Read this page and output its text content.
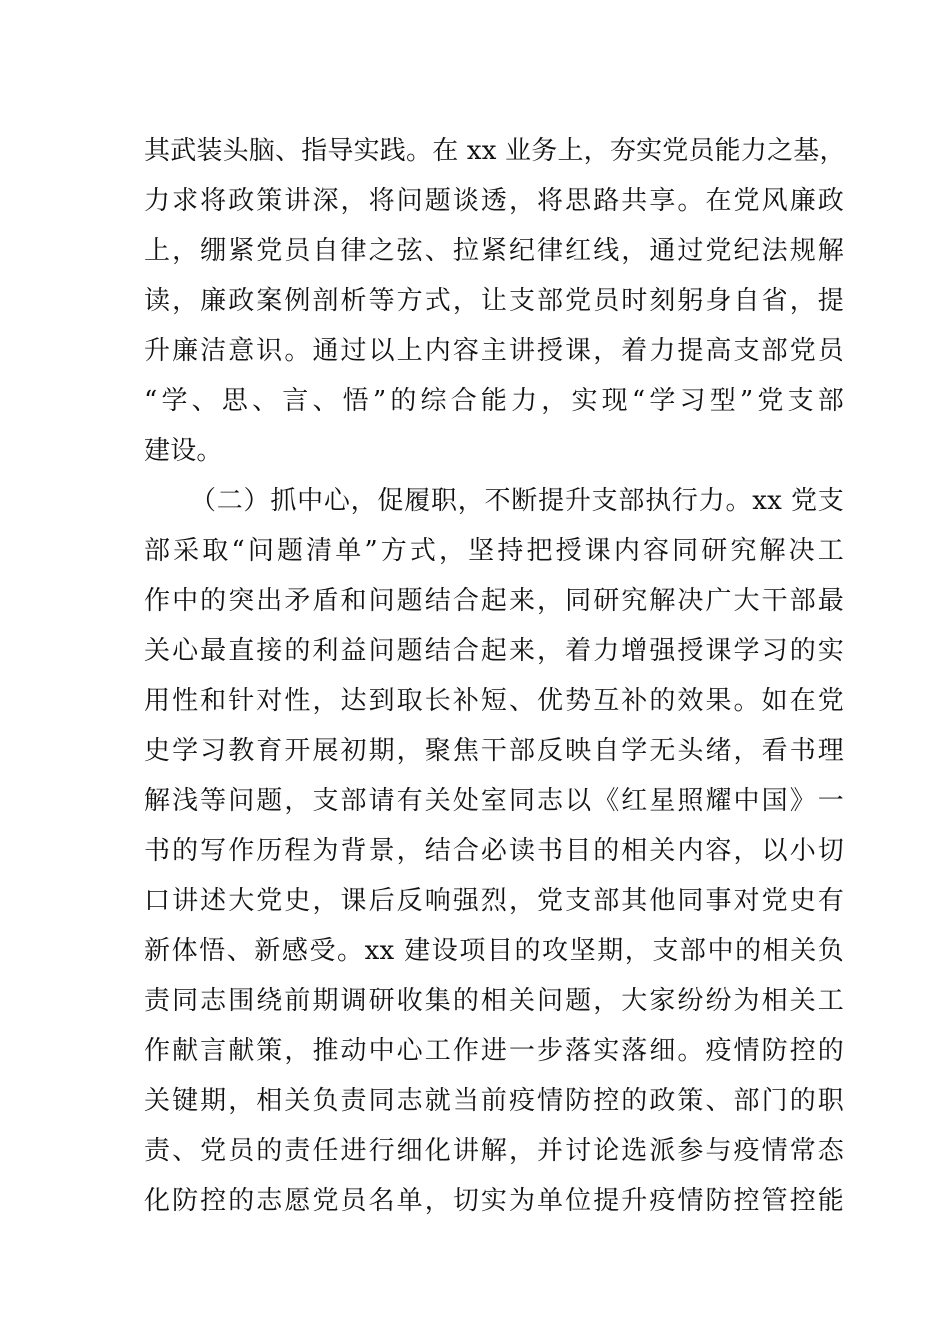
其武装头脑、指导实践。在 xx 业务上，夯实党员能力之基，
力求将政策讲深，将问题谈透，将思路共享。在党风廉政
上，绷紧党员自律之弦、拉紧纪律红线，通过党纪法规解
读，廉政案例剖析等方式，让支部党员时刻躬身自省，提
升廉洁意识。通过以上内容主讲授课，着力提高支部党员
“学、思、言、悟”的综合能力，实现“学习型”党支部
建设。
（二）抓中心，促履职，不断提升支部执行力。xx 党支
部采取“问题清单”方式，坚持把授课内容同研究解决工
作中的突出矛盾和问题结合起来，同研究解决广大干部最
关心最直接的利益问题结合起来，着力增强授课学习的实
用性和针对性，达到取长补短、优势互补的效果。如在党
史学习教育开展初期，聚焦干部反映自学无头绪，看书理
解浅等问题，支部请有关处室同志以《红星照耀中国》一
书的写作历程为背景，结合必读书目的相关内容，以小切
口讲述大党史，课后反响强烈，党支部其他同事对党史有
新体悟、新感受。xx 建设项目的攻坚期，支部中的相关负
责同志围绕前期调研收集的相关问题，大家纷纷为相关工
作献言献策，推动中心工作进一步落实落细。疫情防控的
关键期，相关负责同志就当前疫情防控的政策、部门的职
责、党员的责任进行细化讲解，并讨论选派参与疫情常态
化防控的志愿党员名单，切实为单位提升疫情防控管控能
